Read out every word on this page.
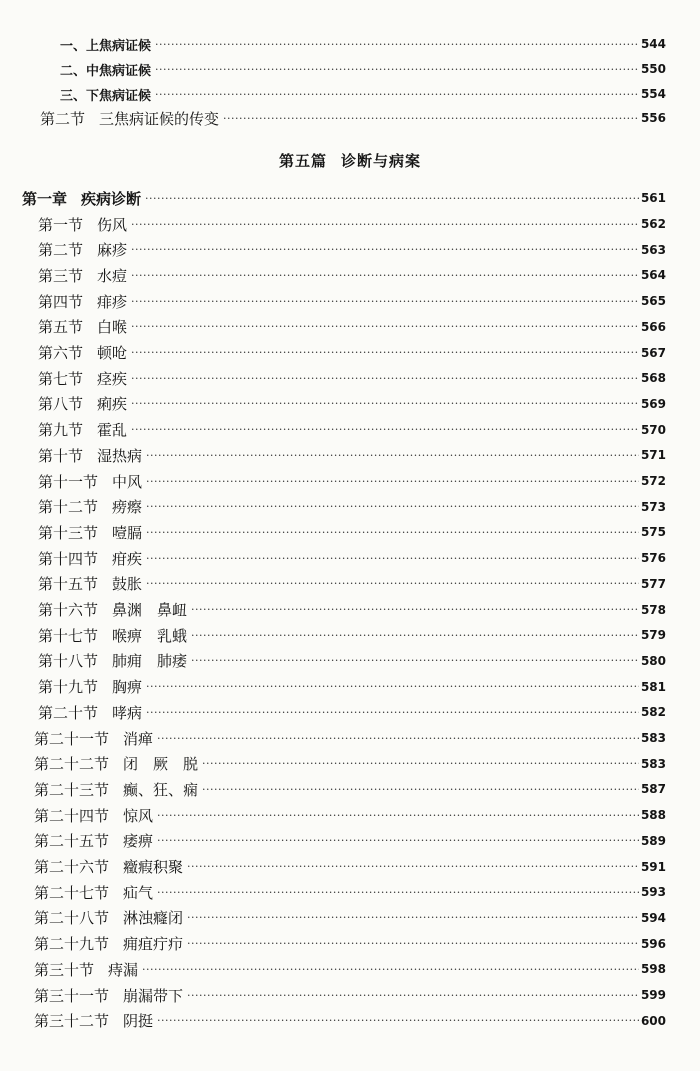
一、上焦病证候 ·····	544
二、中焦病证候 ·····	550
三、下焦病证候 ·····	554
第二节 三焦病证候的传变 ·····	556
第五篇 诊断与病案
第一章 疾病诊断 ·····	561
第一节 伤风 ·····	562
第二节 麻疹 ·····	563
第三节 水痘 ·····	564
第四节 痱疹 ·····	565
第五节 白喉 ·····	566
第六节 顿呛 ·····	567
第七节 痉疾 ·····	568
第八节 痢疾 ·····	569
第九节 霍乱 ·····	570
第十节 湿热病 ·····	571
第十一节 中风 ·····	572
第十二节 痨瘵 ·····	573
第十三节 噎膈 ·····	575
第十四节 疳疾 ·····	576
第十五节 鼓胀 ·····	577
第十六节 鼻渊　鼻衄 ·····	578
第十七节 喉痹　乳蛾 ·····	579
第十八节 肺痈　肺痿 ·····	580
第十九节 胸痹 ·····	581
第二十节 哮病 ·····	582
第二十一节 消瘅 ·····	583
第二十二节 闭　厥　脱 ·····	583
第二十三节 癫、狂、痫 ·····	587
第二十四节 惊风 ·····	588
第二十五节 痿痹 ·····	589
第二十六节 癥瘕积聚 ·····	591
第二十七节 疝气 ·····	593
第二十八节 淋浊癃闭 ·····	594
第二十九节 痈疽疔疖 ·····	596
第三十节 痔漏 ·····	598
第三十一节 崩漏带下 ·····	599
第三十二节 阴挺 ·····	600
